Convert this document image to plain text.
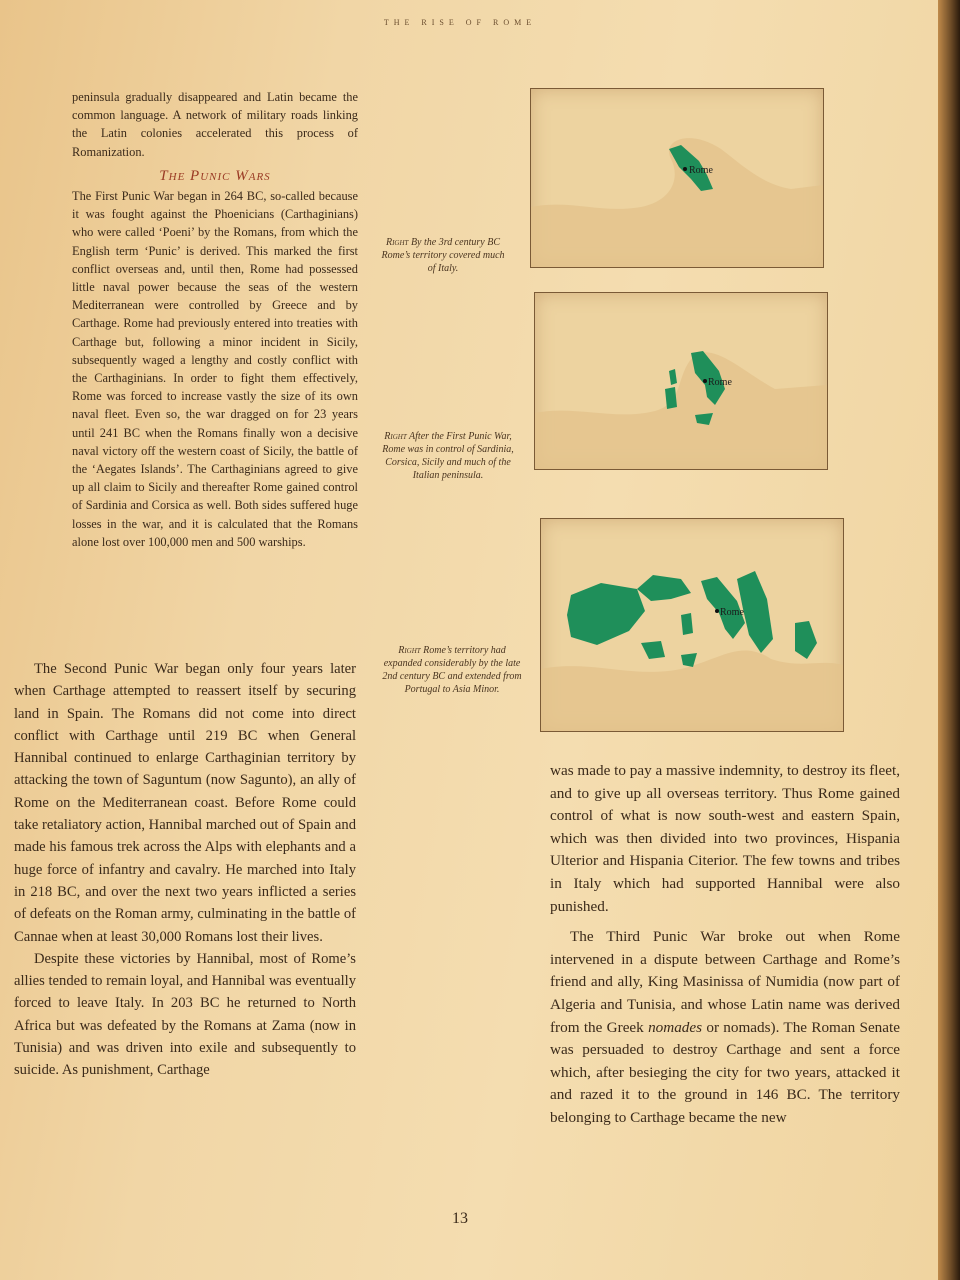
THE RISE OF ROME

peninsula gradually disappeared and Latin became the common language. A network of military roads linking the Latin colonies accelerated this process of Romanization.

The Punic Wars

The First Punic War began in 264 BC, so-called because it was fought against the Phoenicians (Carthaginians) who were called ‘Poeni’ by the Romans, from which the English term ‘Punic’ is derived. This marked the first conflict overseas and, until then, Rome had possessed little naval power because the seas of the western Mediterranean were controlled by Greece and by Carthage. Rome had previously entered into treaties with Carthage but, following a minor incident in Sicily, subsequently waged a lengthy and costly conflict with the Carthaginians. In order to fight them effectively, Rome was forced to increase vastly the size of its own naval fleet. Even so, the war dragged on for 23 years until 241 BC when the Romans finally won a decisive naval victory off the western coast of Sicily, the battle of the ‘Aegates Islands’. The Carthaginians agreed to give up all claim to Sicily and thereafter Rome gained control of Sardinia and Corsica as well. Both sides suffered huge losses in the war, and it is calculated that the Romans alone lost over 100,000 men and 500 warships.

The Second Punic War began only four years later when Carthage attempted to reassert itself by securing land in Spain. The Romans did not come into direct conflict with Carthage until 219 BC when General Hannibal continued to enlarge Carthaginian territory by attacking the town of Saguntum (now Sagunto), an ally of Rome on the Mediterranean coast. Before Rome could take retaliatory action, Hannibal marched out of Spain and made his famous trek across the Alps with elephants and a huge force of infantry and cavalry. He marched into Italy in 218 BC, and over the next two years inflicted a series of defeats on the Roman army, culminating in the battle of Cannae when at least 30,000 Romans lost their lives.

Despite these victories by Hannibal, most of Rome’s allies tended to remain loyal, and Hannibal was eventually forced to leave Italy. In 203 BC he returned to North Africa but was defeated by the Romans at Zama (now in Tunisia) and was driven into exile and subsequently to suicide. As punishment, Carthage

Rome
Right By the 3rd century BC Rome’s territory covered much of Italy.
Rome
Right After the First Punic War, Rome was in control of Sardinia, Corsica, Sicily and much of the Italian peninsula.
Rome
Right Rome’s territory had expanded considerably by the late 2nd century BC and extended from Portugal to Asia Minor.

was made to pay a massive indemnity, to destroy its fleet, and to give up all overseas territory. Thus Rome gained control of what is now south-west and eastern Spain, which was then divided into two provinces, Hispania Ulterior and Hispania Citerior. The few towns and tribes in Italy which had supported Hannibal were also punished.

The Third Punic War broke out when Rome intervened in a dispute between Carthage and Rome’s friend and ally, King Masinissa of Numidia (now part of Algeria and Tunisia, and whose Latin name was derived from the Greek nomades or nomads). The Roman Senate was persuaded to destroy Carthage and sent a force which, after besieging the city for two years, attacked it and razed it to the ground in 146 BC. The territory belonging to Carthage became the new

13
